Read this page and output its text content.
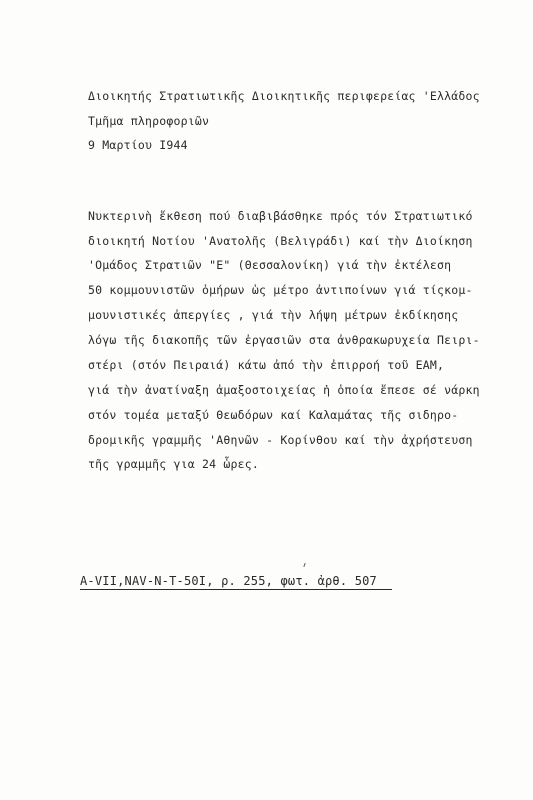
Διοικητής Στρατιωτικῆς Διοικητικῆς περιφερείας 'Ελλάδος
Τμῆμα πληροφοριῶν
9 Μαρτίου Ι944
Νυκτερινὴ ἔκθεση πού διαβιβάσθηκε πρός τόν Στρατιωτικό
διοικητή Νοτίου 'Ανατολῆς (Βελιγράδι) καί τὴν Διοίκηση
'Ομάδος Στρατιῶν "Ε" (Θεσσαλονίκη) γιά τὴν ἐκτέλεση
50 κομμουνιστῶν ὁμήρων ὡς μέτρο ἀντιποίνων γιά τίςκομ-
μουνιστικές ἀπεργίες , γιά τὴν λήψη μέτρων ἐκδίκησης
λόγω τῆς διακοπῆς τῶν ἐργασιῶν στα ἀνθρακωρυχεία Πειρι-
στέρι (στόν Πειραιά) κάτω ἀπό τὴν ἐπιρροή τοῦ ΕΑΜ,
γιά τὴν ἀνατίναξη ἁμαξοστοιχείας ἡ ὁποία ἔπεσε σέ νάρκη
στόν τομέα μεταξύ Θεωδόρων καί Καλαμάτας τῆς σιδηρο-
δρομικῆς γραμμῆς 'Αθηνῶν - Κορίνθου καί τὴν ἀχρήστευση
τῆς γραμμῆς για 24 ὧρες.
A-VII,NAV-N-T-50I, ρ. 255, φωτ. ἀρθ. 507
